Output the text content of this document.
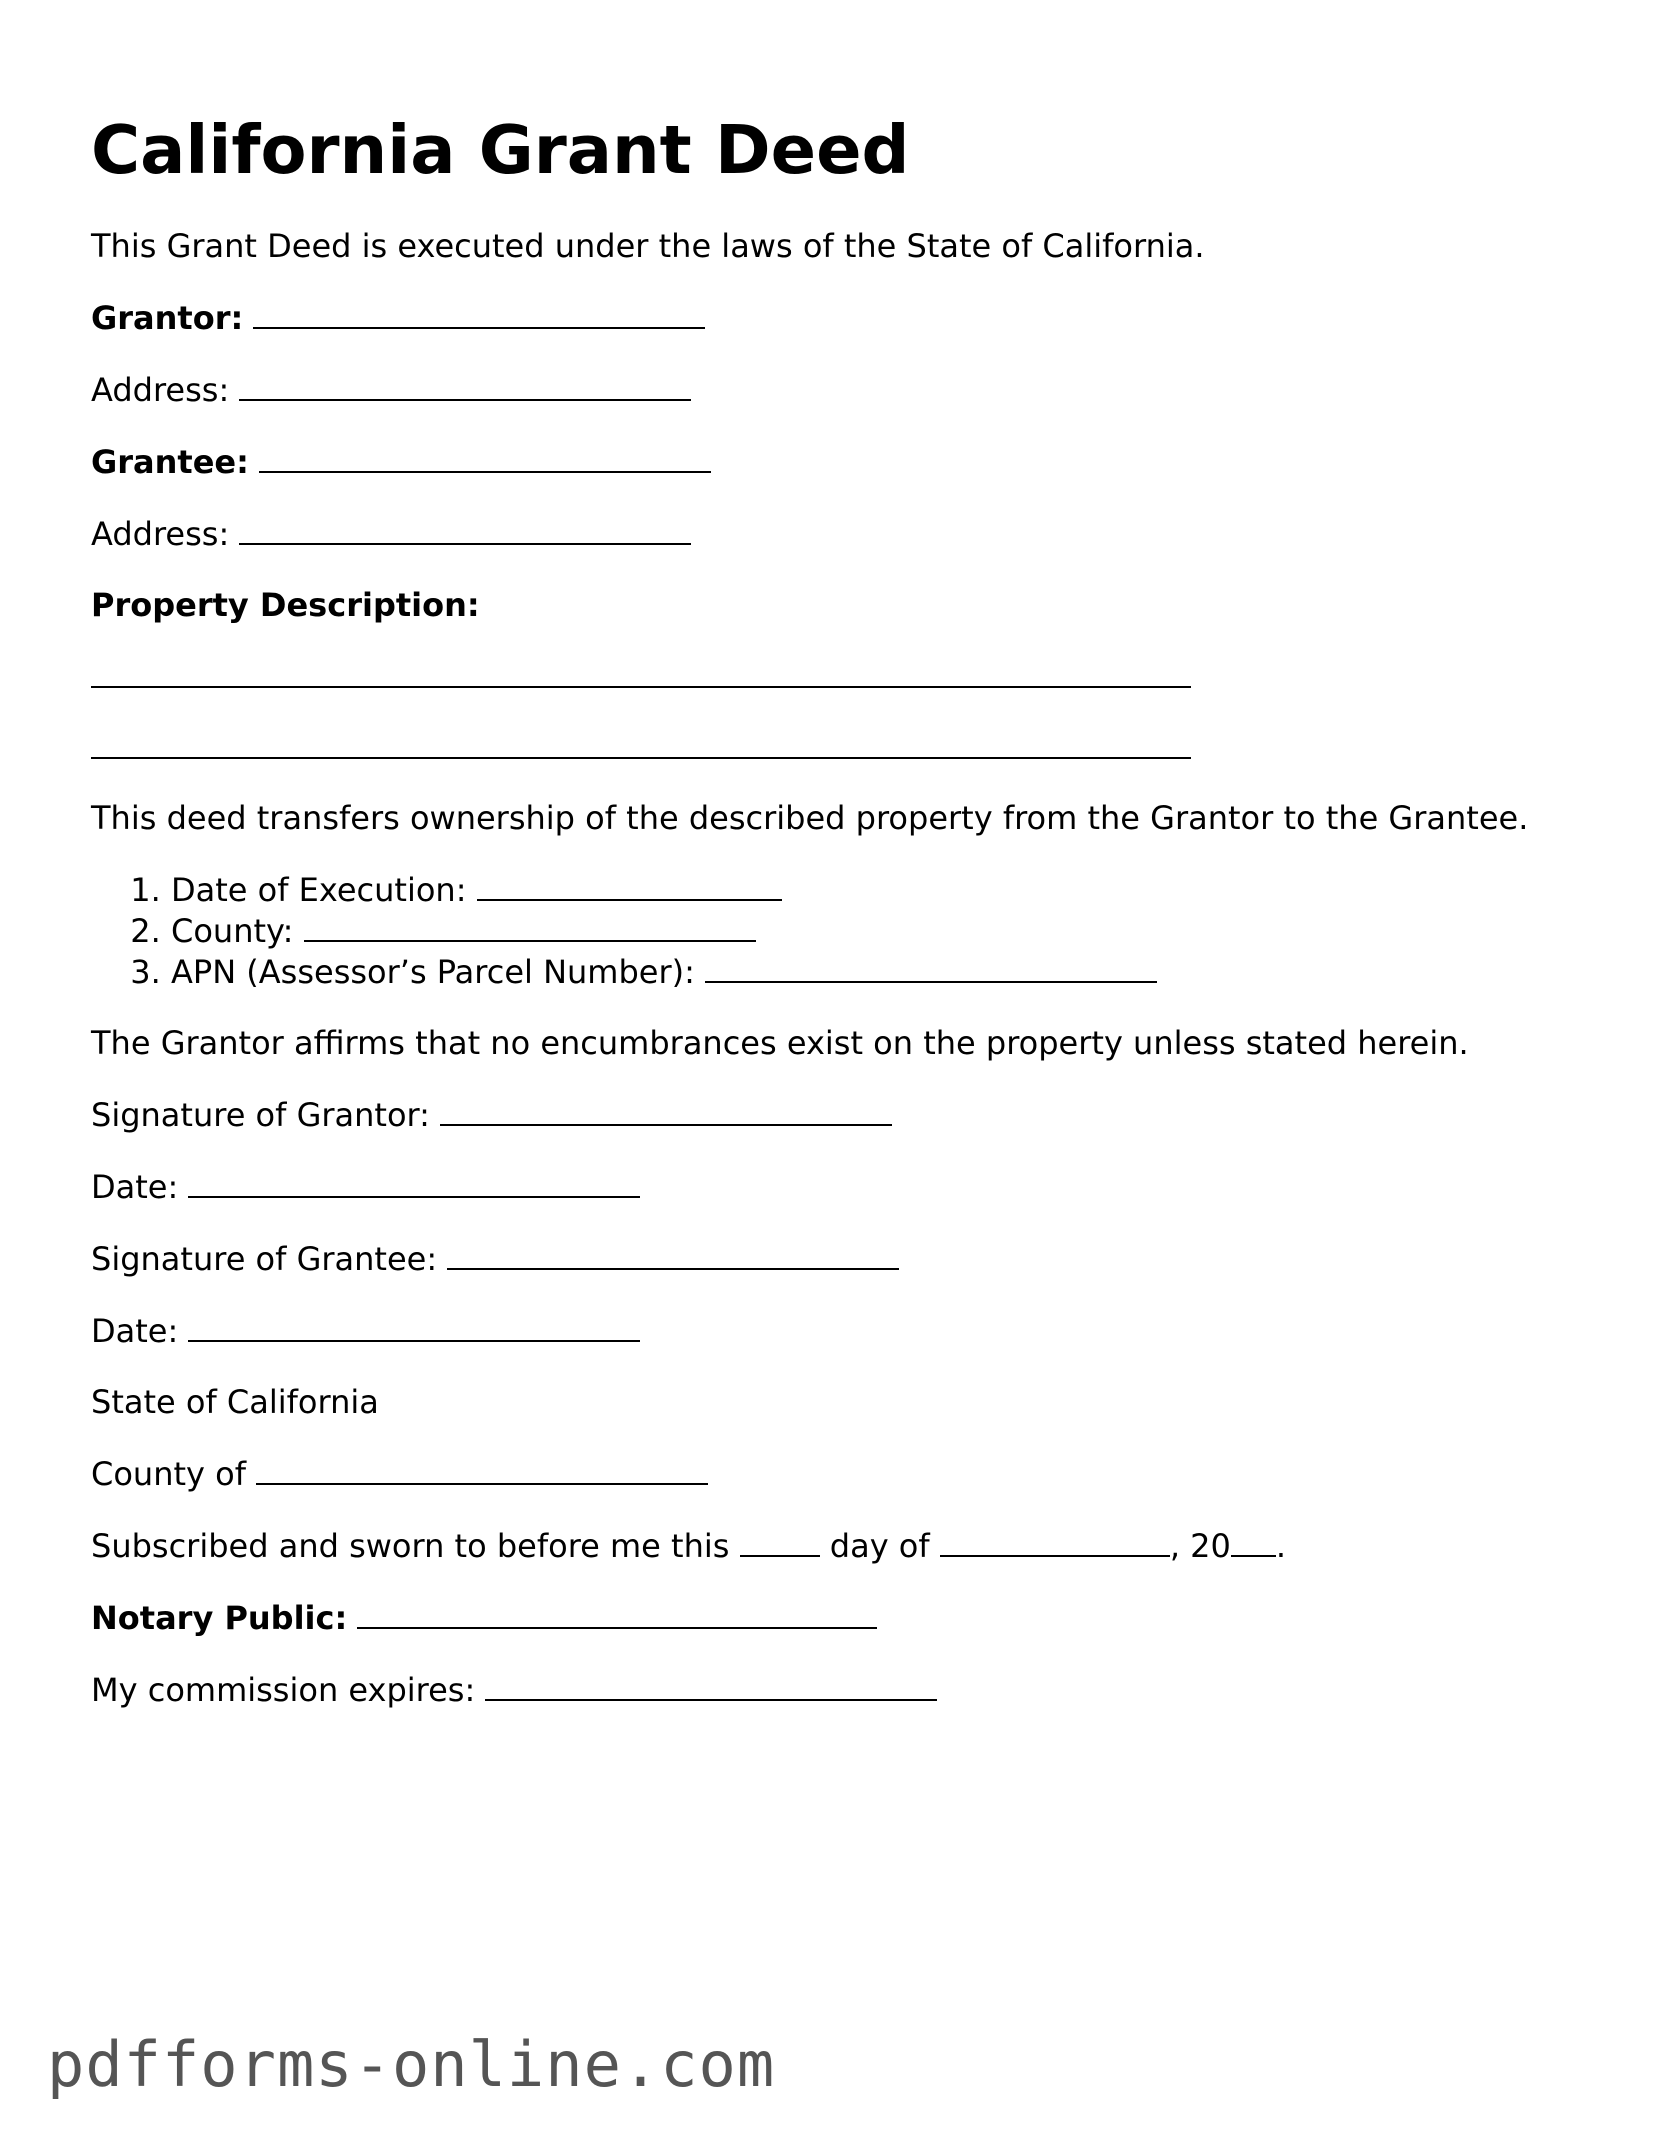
California Grant Deed
This Grant Deed is executed under the laws of the State of California.
Grantor:
Address:
Grantee:
Address:
Property Description:
This deed transfers ownership of the described property from the Grantor to the Grantee.
1. Date of Execution:
2. County:
3. APN (Assessor’s Parcel Number):
The Grantor affirms that no encumbrances exist on the property unless stated herein.
Signature of Grantor:
Date:
Signature of Grantee:
Date:
State of California
County of
Subscribed and sworn to before me this	day of	, 20 .
Notary Public:
My commission expires:
pdfforms-online.com
